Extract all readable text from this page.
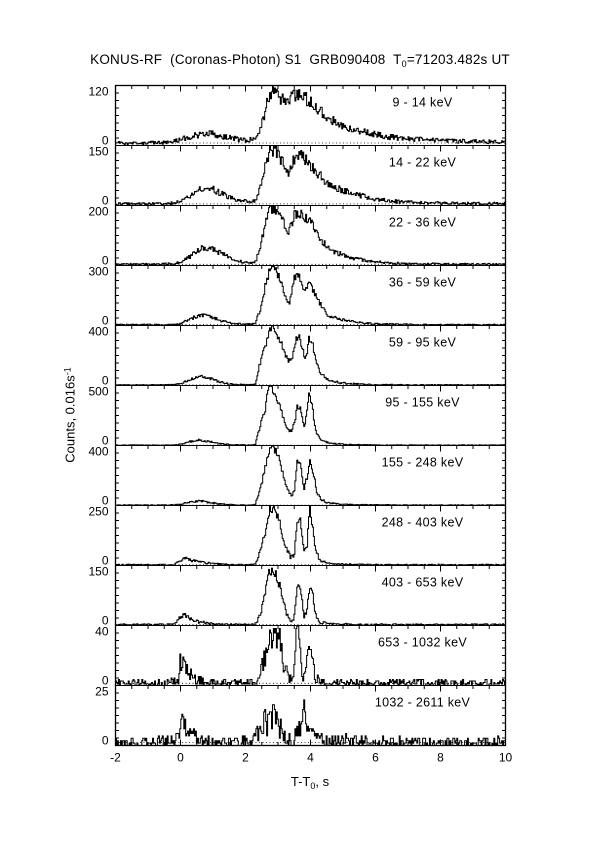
KONUS-RF  (Coronas-Photon) S1  GRB090408  $T_0=71203.482s$ UT
Counts, $0.016s^{-1}$
$T-T_0$, s
120
0
9 - 14 keV
150
0
14 - 22 keV
200
0
22 - 36 keV
300
0
36 - 59 keV
400
0
59 - 95 keV
500
0
95 - 155 keV
400
0
155 - 248 keV
250
0
248 - 403 keV
150
0
403 - 653 keV
40
0
653 - 1032 keV
25
0
1032 - 2611 keV
-2	0	2	4	6	8	10
